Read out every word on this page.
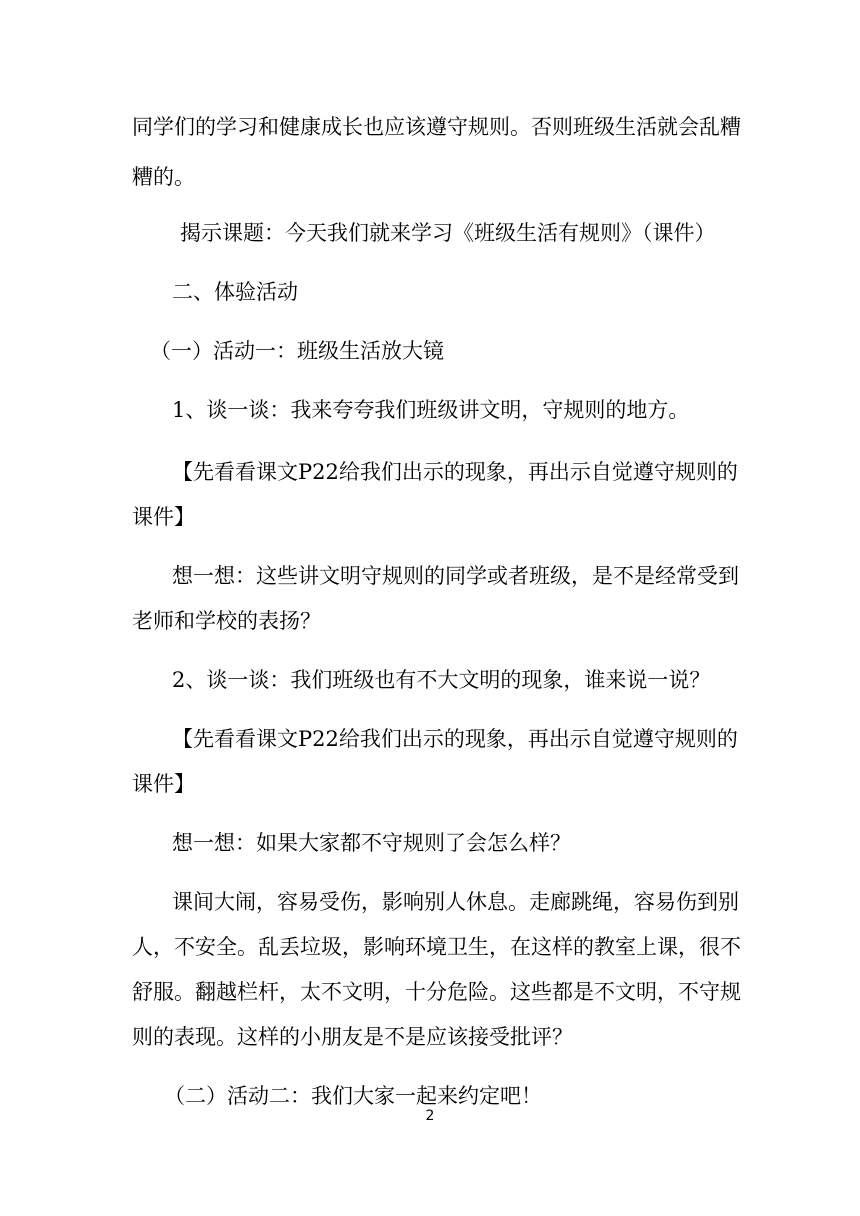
同学们的学习和健康成长也应该遵守规则。否则班级生活就会乱糟
糟的。
揭示课题：今天我们就来学习《班级生活有规则》（课件）
二、体验活动
（一）活动一：班级生活放大镜
1、谈一谈：我来夸夸我们班级讲文明，守规则的地方。
【先看看课文P22给我们出示的现象，再出示自觉遵守规则的
课件】
想一想：这些讲文明守规则的同学或者班级，是不是经常受到
老师和学校的表扬？
2、谈一谈：我们班级也有不大文明的现象，谁来说一说？
【先看看课文P22给我们出示的现象，再出示自觉遵守规则的
课件】
想一想：如果大家都不守规则了会怎么样？
课间大闹，容易受伤，影响别人休息。走廊跳绳，容易伤到别
人，不安全。乱丢垃圾，影响环境卫生，在这样的教室上课，很不
舒服。翻越栏杆，太不文明，十分危险。这些都是不文明，不守规
则的表现。这样的小朋友是不是应该接受批评？
（二）活动二：我们大家一起来约定吧！
2
